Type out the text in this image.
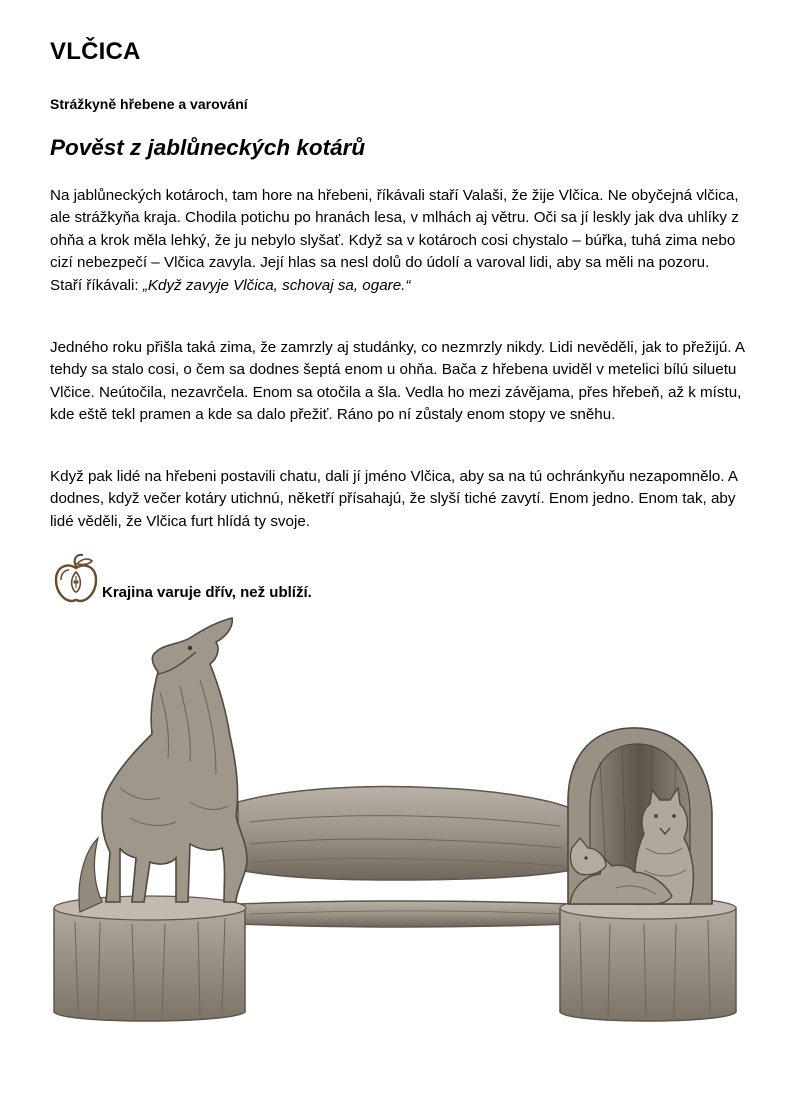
VLČICA
Strážkyně hřebene a varování
Pověst z jablůneckých kotárů

Na jablůneckých kotároch, tam hore na hřebeni, říkávali staří Valaši, že žije Vlčica. Ne obyčejná vlčica, ale strážkyňa kraja. Chodila potichu po hranách lesa, v mlhách aj větru. Oči sa jí leskly jak dva uhlíky z ohňa a krok měla lehký, že ju nebylo slyšať. Když sa v kotároch cosi chystalo – búřka, tuhá zima nebo cizí nebezpečí – Vlčica zavyla. Její hlas sa nesl dolů do údolí a varoval lidi, aby sa měli na pozoru. Staří říkávali: „Když zavyje Vlčica, schovaj sa, ogare.“

Jedného roku přišla taká zima, že zamrzly aj studánky, co nezmrzly nikdy. Lidi nevěděli, jak to přežijú. A tehdy sa stalo cosi, o čem sa dodnes šeptá enom u ohňa. Bača z hřebena uviděl v metelici bílú siluetu Vlčice. Neútočila, nezavrčela. Enom sa otočila a šla. Vedla ho mezi závějama, přes hřebeň, až k místu, kde eště tekl pramen a kde sa dalo přežiť. Ráno po ní zůstaly enom stopy ve sněhu.

Když pak lidé na hřebeni postavili chatu, dali jí jméno Vlčica, aby sa na tú ochránkyňu nezapomnělo. A dodnes, když večer kotáry utichnú, něketří přísahajú, že slyší tiché zavytí. Enom jedno. Enom tak, aby lidé věděli, že Vlčica furt hlídá ty svoje.

Krajina varuje dřív, než ublíží.
